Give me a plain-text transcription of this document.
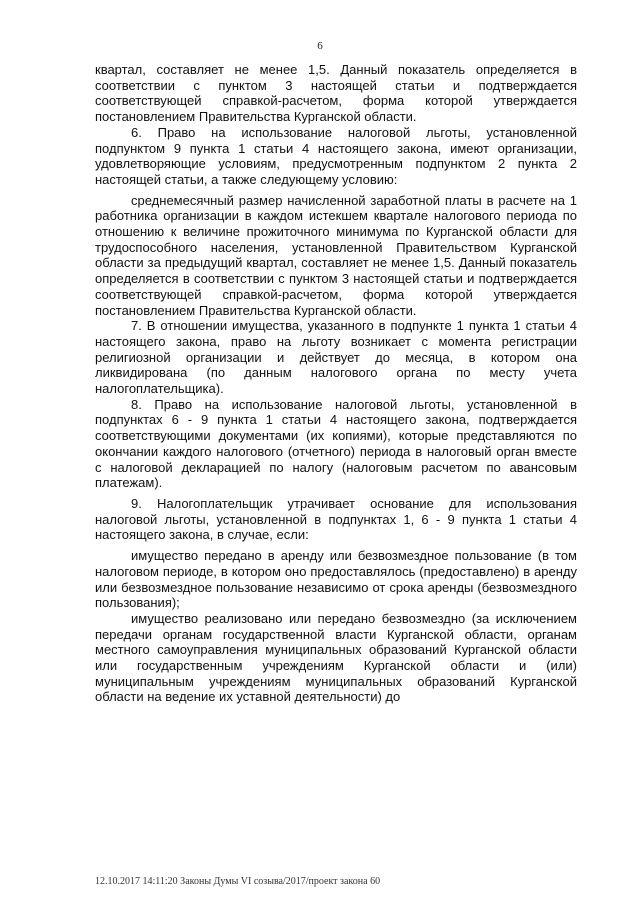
6

квартал, составляет не менее 1,5. Данный показатель определяется в соответствии с пунктом 3 настоящей статьи и подтверждается соответствующей справкой-расчетом, форма которой утверждается постановлением Правительства Курганской области.

6. Право на использование налоговой льготы, установленной подпунктом 9 пункта 1 статьи 4 настоящего закона, имеют организации, удовлетворяющие условиям, предусмотренным подпунктом 2 пункта 2 настоящей статьи, а также следующему условию:

среднемесячный размер начисленной заработной платы в расчете на 1 работника организации в каждом истекшем квартале налогового периода по отношению к величине прожиточного минимума по Курганской области для трудоспособного населения, установленной Правительством Курганской области за предыдущий квартал, составляет не менее 1,5. Данный показатель определяется в соответствии с пунктом 3 настоящей статьи и подтверждается соответствующей справкой-расчетом, форма которой утверждается постановлением Правительства Курганской области.

7. В отношении имущества, указанного в подпункте 1 пункта 1 статьи 4 настоящего закона, право на льготу возникает с момента регистрации религиозной организации и действует до месяца, в котором она ликвидирована (по данным налогового органа по месту учета налогоплательщика).

8. Право на использование налоговой льготы, установленной в подпунктах 6 - 9 пункта 1 статьи 4 настоящего закона, подтверждается соответствующими документами (их копиями), которые представляются по окончании каждого налогового (отчетного) периода в налоговый орган вместе с налоговой декларацией по налогу (налоговым расчетом по авансовым платежам).

9. Налогоплательщик утрачивает основание для использования налоговой льготы, установленной в подпунктах 1, 6 - 9 пункта 1 статьи 4 настоящего закона, в случае, если:

имущество передано в аренду или безвозмездное пользование (в том налоговом периоде, в котором оно предоставлялось (предоставлено) в аренду или безвозмездное пользование независимо от срока аренды (безвозмездного пользования);

имущество реализовано или передано безвозмездно (за исключением передачи органам государственной власти Курганской области, органам местного самоуправления муниципальных образований Курганской области или государственным учреждениям Курганской области и (или) муниципальным учреждениям муниципальных образований Курганской области на ведение их уставной деятельности) до

12.10.2017 14:11:20 Законы Думы VI созыва/2017/проект закона 60
